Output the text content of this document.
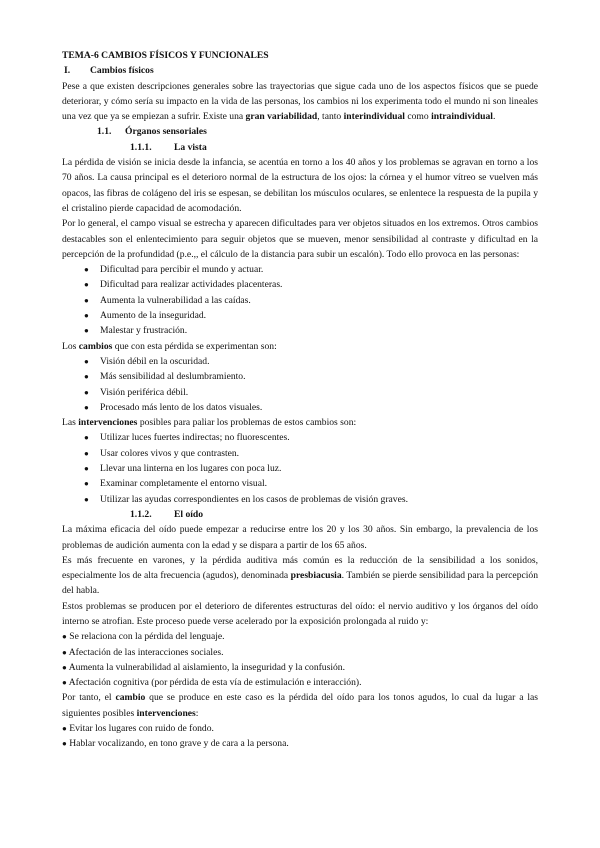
TEMA-6 CAMBIOS FÍSICOS Y FUNCIONALES

I. Cambios físicos

Pese a que existen descripciones generales sobre las trayectorias que sigue cada uno de los aspectos físicos que se puede deteriorar, y cómo sería su impacto en la vida de las personas, los cambios ni los experimenta todo el mundo ni son lineales una vez que ya se empiezan a sufrir. Existe una gran variabilidad, tanto interindividual como intraindividual.

1.1. Órganos sensoriales

1.1.1. La vista

La pérdida de visión se inicia desde la infancia, se acentúa en torno a los 40 años y los problemas se agravan en torno a los 70 años. La causa principal es el deterioro normal de la estructura de los ojos: la córnea y el humor vítreo se vuelven más opacos, las fibras de colágeno del iris se espesan, se debilitan los músculos oculares, se enlentece la respuesta de la pupila y el cristalino pierde capacidad de acomodación.

Por lo general, el campo visual se estrecha y aparecen dificultades para ver objetos situados en los extremos. Otros cambios destacables son el enlentecimiento para seguir objetos que se mueven, menor sensibilidad al contraste y dificultad en la percepción de la profundidad (p.e.,, el cálculo de la distancia para subir un escalón). Todo ello provoca en las personas:

● Dificultad para percibir el mundo y actuar.
● Dificultad para realizar actividades placenteras.
● Aumenta la vulnerabilidad a las caídas.
● Aumento de la inseguridad.
● Malestar y frustración.

Los cambios que con esta pérdida se experimentan son:

● Visión débil en la oscuridad.
● Más sensibilidad al deslumbramiento.
● Visión periférica débil.
● Procesado más lento de los datos visuales.

Las intervenciones posibles para paliar los problemas de estos cambios son:

● Utilizar luces fuertes indirectas; no fluorescentes.
● Usar colores vivos y que contrasten.
● Llevar una linterna en los lugares con poca luz.
● Examinar completamente el entorno visual.
● Utilizar las ayudas correspondientes en los casos de problemas de visión graves.

1.1.2. El oído

La máxima eficacia del oído puede empezar a reducirse entre los 20 y los 30 años. Sin embargo, la prevalencia de los problemas de audición aumenta con la edad y se dispara a partir de los 65 años.

Es más frecuente en varones, y la pérdida auditiva más común es la reducción de la sensibilidad a los sonidos, especialmente los de alta frecuencia (agudos), denominada presbiacusia. También se pierde sensibilidad para la percepción del habla.

Estos problemas se producen por el deterioro de diferentes estructuras del oído: el nervio auditivo y los órganos del oído interno se atrofian. Este proceso puede verse acelerado por la exposición prolongada al ruido y:

● Se relaciona con la pérdida del lenguaje.

● Afectación de las interacciones sociales.

● Aumenta la vulnerabilidad al aislamiento, la inseguridad y la confusión.

● Afectación cognitiva (por pérdida de esta vía de estimulación e interacción).

Por tanto, el cambio que se produce en este caso es la pérdida del oído para los tonos agudos, lo cual da lugar a las siguientes posibles intervenciones:

● Evitar los lugares con ruido de fondo.

● Hablar vocalizando, en tono grave y de cara a la persona.
